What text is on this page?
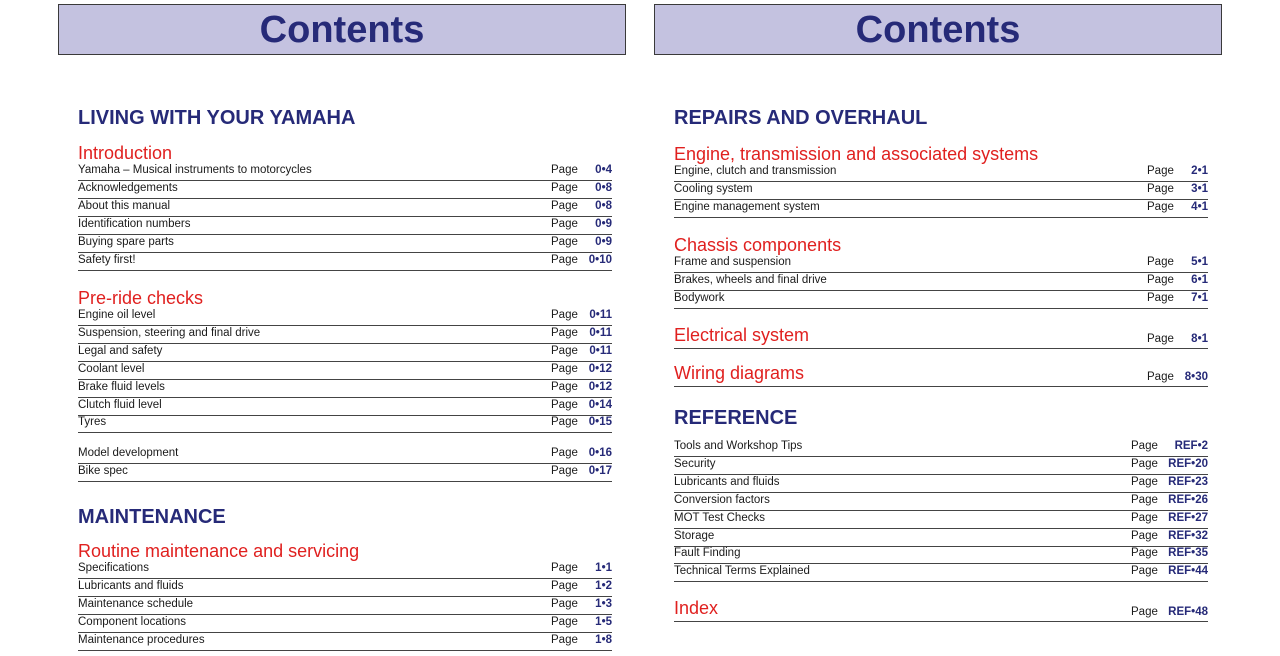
Contents
LIVING WITH YOUR YAMAHA
Introduction
Yamaha – Musical instruments to motorcycles	Page 0•4
Acknowledgements	Page 0•8
About this manual	Page 0•8
Identification numbers	Page 0•9
Buying spare parts	Page 0•9
Safety first!	Page 0•10
Pre-ride checks
Engine oil level	Page 0•11
Suspension, steering and final drive	Page 0•11
Legal and safety	Page 0•11
Coolant level	Page 0•12
Brake fluid levels	Page 0•12
Clutch fluid level	Page 0•14
Tyres	Page 0•15
Model development	Page 0•16
Bike spec	Page 0•17
MAINTENANCE
Routine maintenance and servicing
Specifications	Page 1•1
Lubricants and fluids	Page 1•2
Maintenance schedule	Page 1•3
Component locations	Page 1•5
Maintenance procedures	Page 1•8
Contents
REPAIRS AND OVERHAUL
Engine, transmission and associated systems
Engine, clutch and transmission	Page 2•1
Cooling system	Page 3•1
Engine management system	Page 4•1
Chassis components
Frame and suspension	Page 5•1
Brakes, wheels and final drive	Page 6•1
Bodywork	Page 7•1
Electrical system	Page 8•1
Wiring diagrams	Page 8•30
REFERENCE
Tools and Workshop Tips	Page REF•2
Security	Page REF•20
Lubricants and fluids	Page REF•23
Conversion factors	Page REF•26
MOT Test Checks	Page REF•27
Storage	Page REF•32
Fault Finding	Page REF•35
Technical Terms Explained	Page REF•44
Index	Page REF•48
